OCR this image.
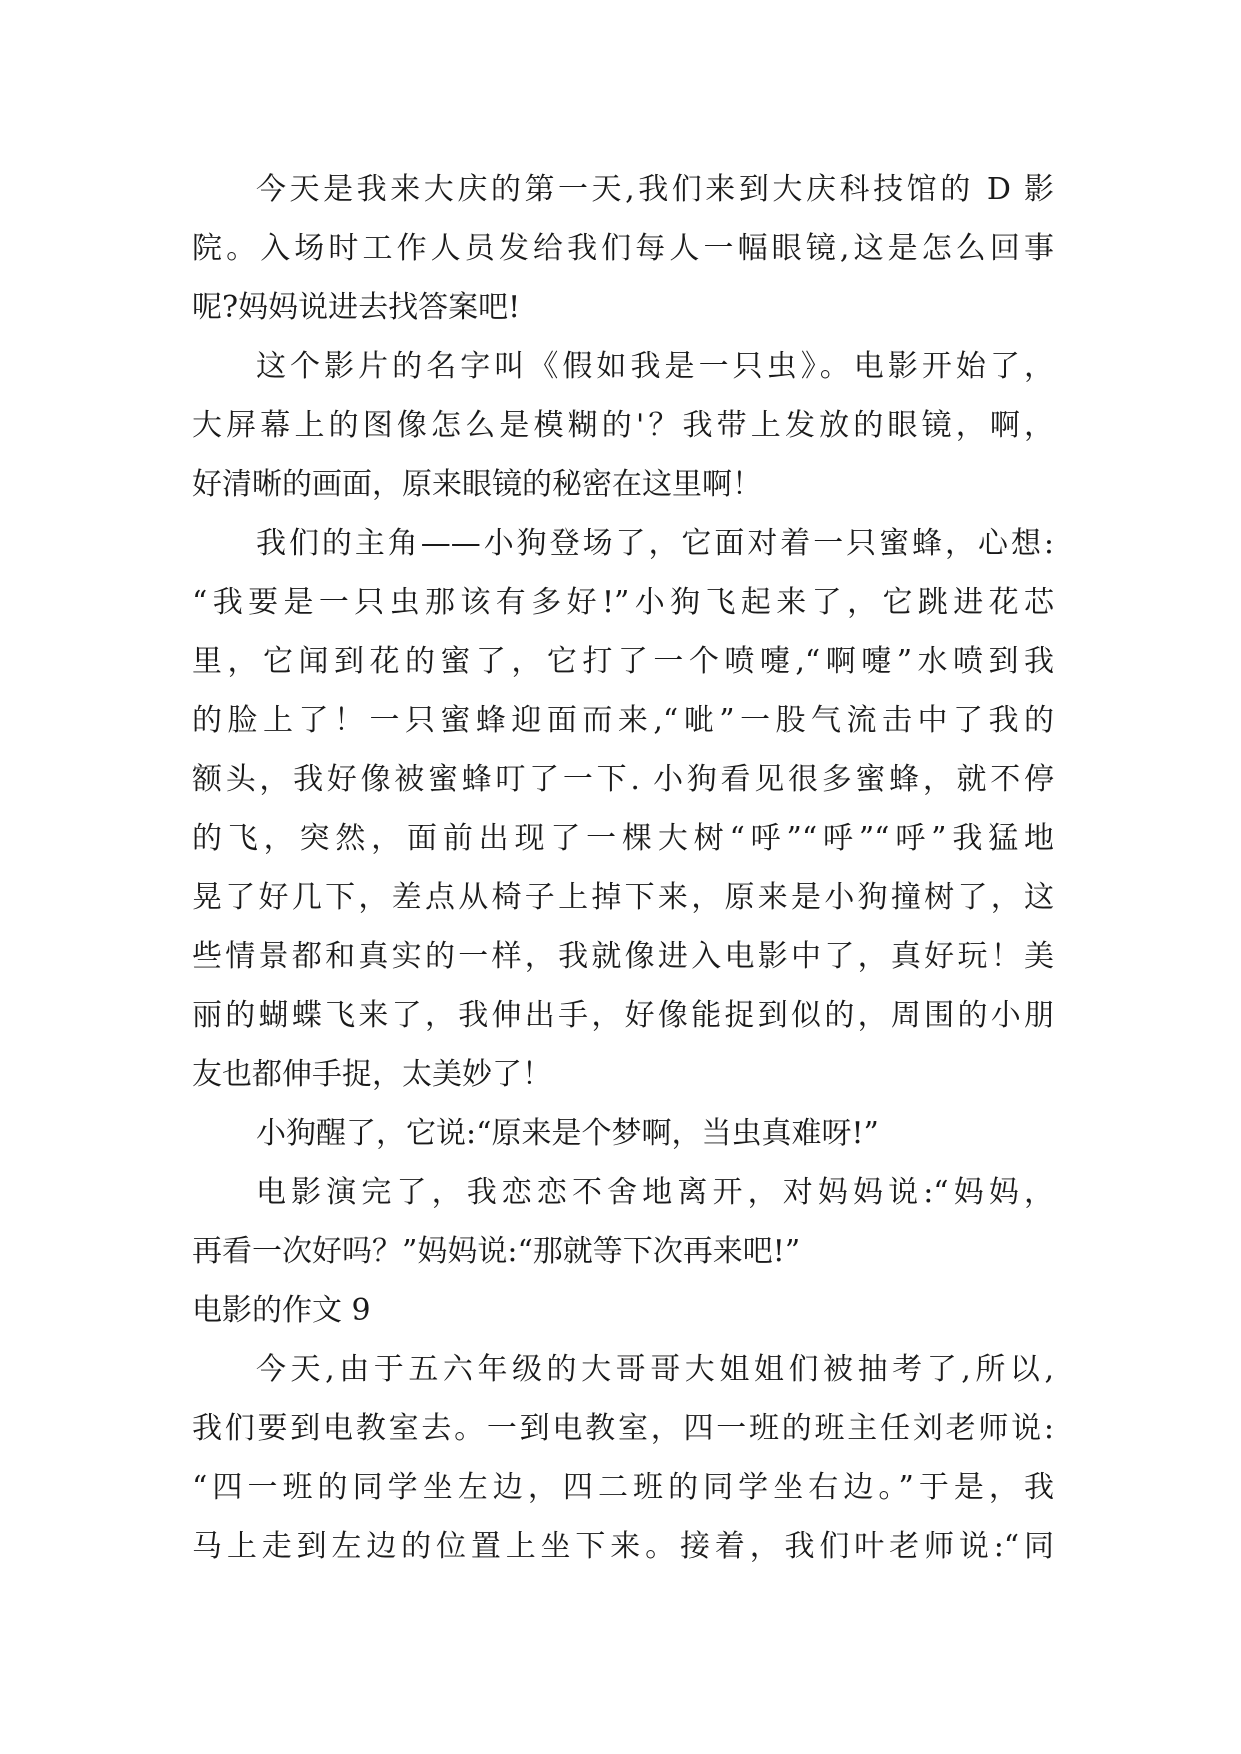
今天是我来大庆的第一天,我们来到大庆科技馆的 D 影
院。入场时工作人员发给我们每人一幅眼镜,这是怎么回事
呢?妈妈说进去找答案吧!
这个影片的名字叫《假如我是一只虫》。电影开始了，
大屏幕上的图像怎么是模糊的'？我带上发放的眼镜，啊，
好清晰的画面，原来眼镜的秘密在这里啊！
我们的主角——小狗登场了，它面对着一只蜜蜂，心想:
“我要是一只虫那该有多好!”小狗飞起来了，它跳进花芯
里，它闻到花的蜜了，它打了一个喷嚏,“啊嚏”水喷到我
的脸上了！一只蜜蜂迎面而来,“呲”一股气流击中了我的
额头，我好像被蜜蜂叮了一下. 小狗看见很多蜜蜂，就不停
的飞，突然，面前出现了一棵大树“呼”“呼”“呼”我猛地
晃了好几下，差点从椅子上掉下来，原来是小狗撞树了，这
些情景都和真实的一样，我就像进入电影中了，真好玩！美
丽的蝴蝶飞来了，我伸出手，好像能捉到似的，周围的小朋
友也都伸手捉，太美妙了！
小狗醒了，它说:“原来是个梦啊，当虫真难呀!”
电影演完了，我恋恋不舍地离开，对妈妈说:“妈妈，
再看一次好吗？”妈妈说:“那就等下次再来吧!”
电影的作文 9
今天,由于五六年级的大哥哥大姐姐们被抽考了,所以,
我们要到电教室去。一到电教室，四一班的班主任刘老师说:
“四一班的同学坐左边，四二班的同学坐右边。”于是，我
马上走到左边的位置上坐下来。接着，我们叶老师说:“同
